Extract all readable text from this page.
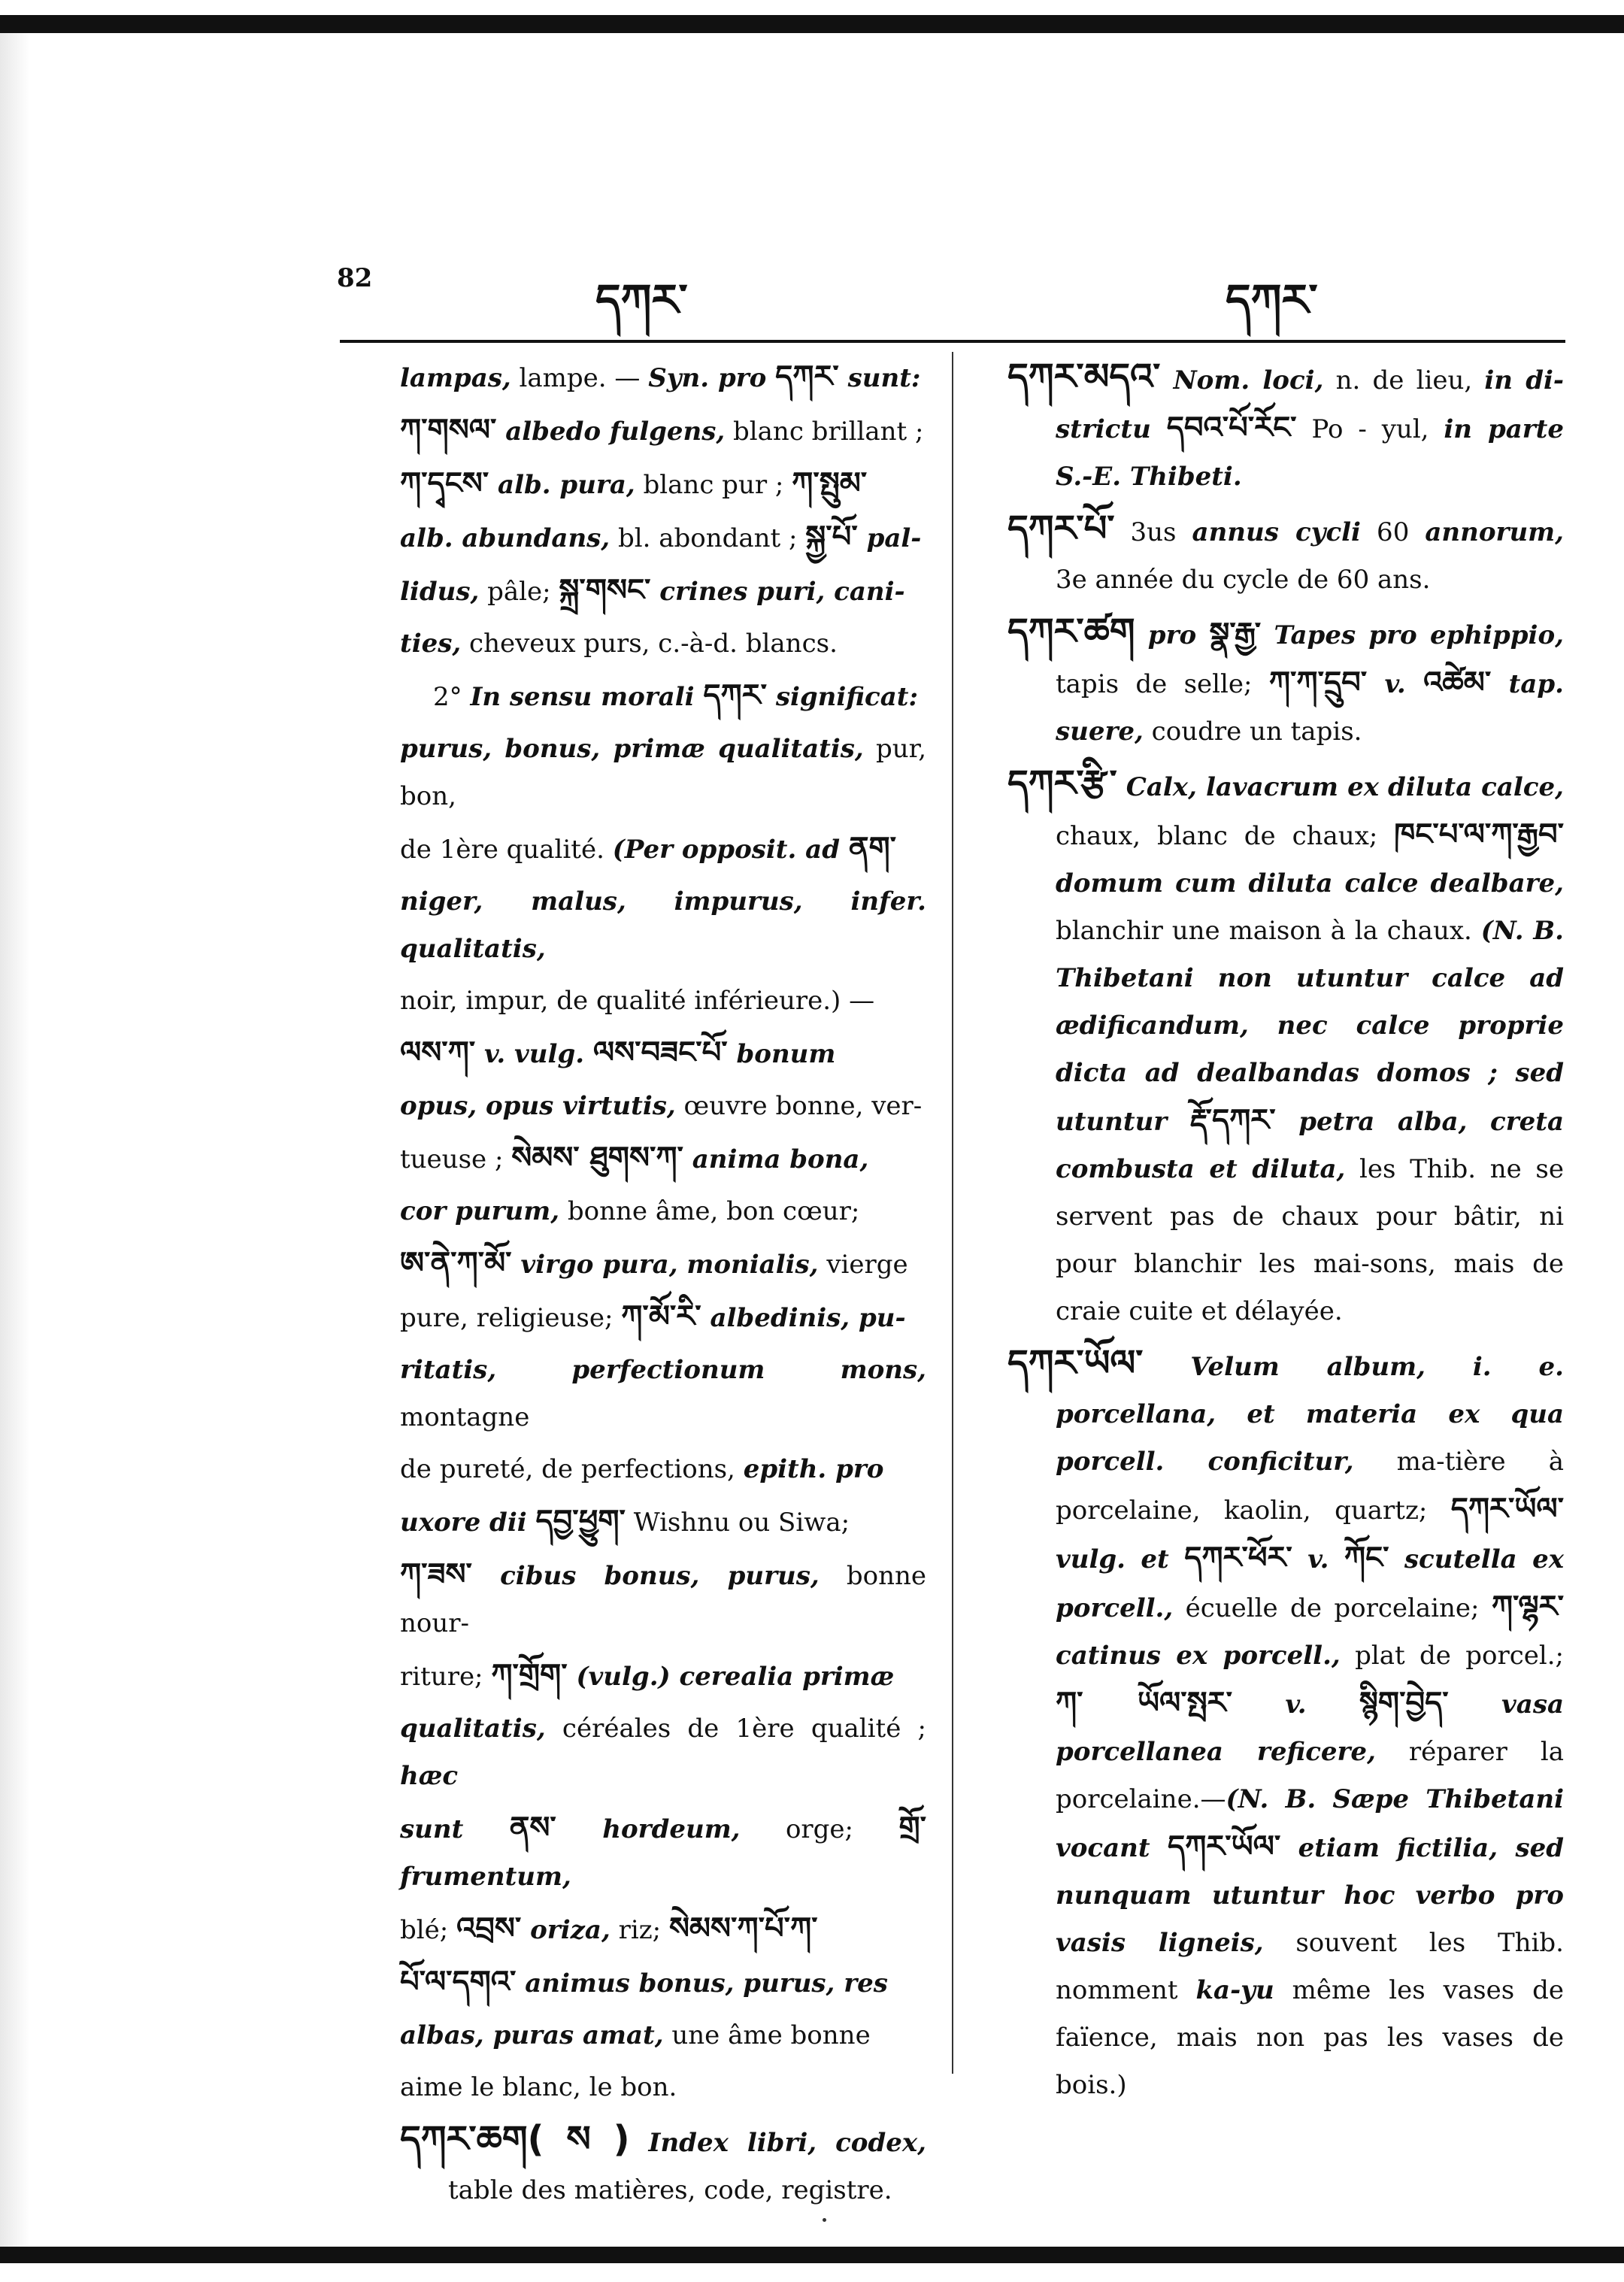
82	དཀར་	དཀར་

lampas, lampe. — Syn. pro དཀར་ sunt:

ཀ་གསལ་ albedo fulgens, blanc brillant ;

ཀ་དྭངས་ alb. pura, blanc pur ; ཀ་སྤུམ་

alb. abundans, bl. abondant ; སྐྱ་པོ་ pal-

lidus, pâle; སྐྲ་གསང་ crines puri, cani-

ties, cheveux purs, c.-à-d. blancs.

2° In sensu morali དཀར་ significat:

purus, bonus, primæ qualitatis, pur, bon,

de 1ère qualité. (Per opposit. ad ནག་

niger, malus, impurus, infer. qualitatis,

noir, impur, de qualité inférieure.) —

ལས་ཀ་ v. vulg. ལས་བཟང་པོ་ bonum

opus, opus virtutis, œuvre bonne, ver-

tueuse ; སེམས་ ཐུགས་ཀ་ anima bona,

cor purum, bonne âme, bon cœur;

ཨ་ནེ་ཀ་མོ་ virgo pura, monialis, vierge

pure, religieuse; ཀ་མོ་རི་ albedinis, pu-

ritatis, perfectionum mons, montagne

de pureté, de perfections, epith. pro

uxore dii དབྱ་ཕྱུག་ Wishnu ou Siwa;

ཀ་ཟས་ cibus bonus, purus, bonne nour-

riture; ཀ་གྲོག་ (vulg.) cerealia primæ

qualitatis, céréales de 1ère qualité ; hæc

sunt ནས་ hordeum, orge; གྲོ་ frumentum,

blé; འབྲས་ oriza, riz; སེམས་ཀ་པོ་ཀ་

པོ་ལ་དགའ་ animus bonus, purus, res

albas, puras amat, une âme bonne

aime le blanc, le bon.

དཀར་ཆག( ས ) Index libri, codex, table des matières, code, registre.

དཀར་མདའ་ Nom. loci, n. de lieu, in di-strictu དབའ་པོ་རོང་ Po - yul, in parte S.-E. Thibeti.

དཀར་པོ་ 3us annus cycli 60 annorum, 3e année du cycle de 60 ans.

དཀར་ཚག pro སྣ་རྒྱ་ Tapes pro ephippio, tapis de selle; ཀ་ཀ་དྲུབ་ v. འཚེམ་ tap. suere, coudre un tapis.

དཀར་རྩི་ Calx, lavacrum ex diluta calce, chaux, blanc de chaux; ཁང་པ་ལ་ཀ་རྒྱབ་ domum cum diluta calce dealbare, blanchir une maison à la chaux. (N. B. Thibetani non utuntur calce ad ædificandum, nec calce proprie dicta ad dealbandas domos ; sed utuntur རྡོ་དཀར་ petra alba, creta combusta et diluta, les Thib. ne se servent pas de chaux pour bâtir, ni pour blanchir les mai-sons, mais de craie cuite et délayée.

དཀར་ཡོལ་ Velum album, i. e. porcellana, et materia ex qua porcell. conficitur, ma-tière à porcelaine, kaolin, quartz; དཀར་ཡོལ་ vulg. et དཀར་ཕོར་ v. ཀོང་ scutella ex porcell., écuelle de porcelaine; ཀ་ལྷར་ catinus ex porcell., plat de porcel.; ཀ་ ཡོལ་སྤར་ v. སྙིག་བྱེད་ vasa porcellanea reficere, réparer la porcelaine.—(N. B. Sæpe Thibetani vocant དཀར་ཡོལ་ etiam fictilia, sed nunquam utuntur hoc verbo pro vasis ligneis, souvent les Thib. nomment ka-yu même les vases de faïence, mais non pas les vases de bois.)
